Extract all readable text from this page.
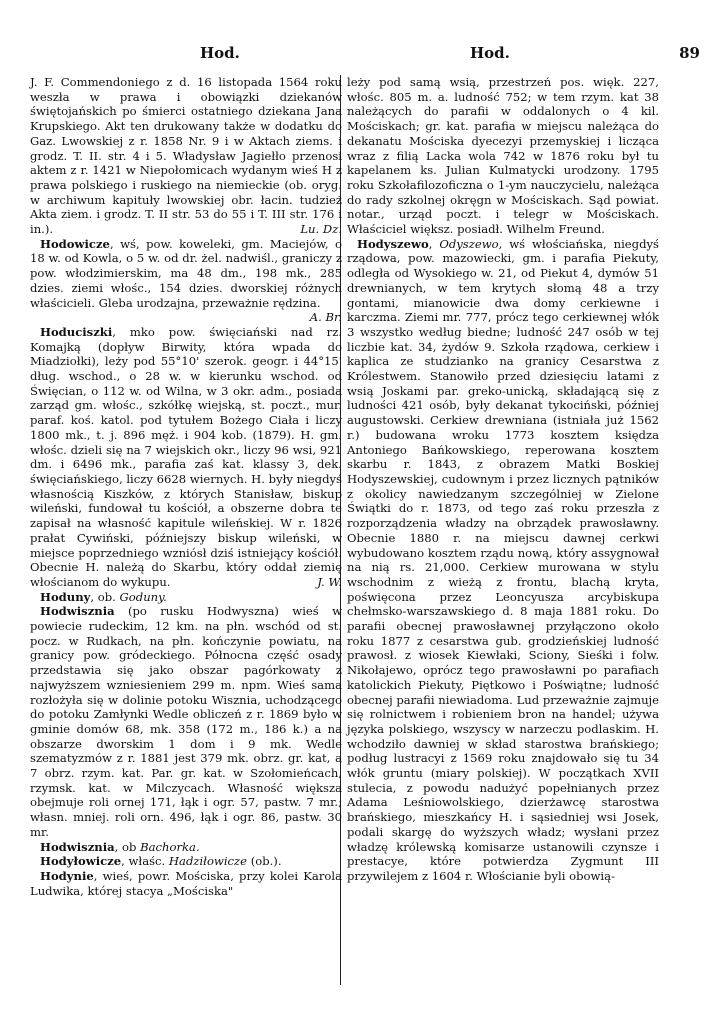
Hod.	Hod.	89

J. F. Commendoniego z d. 16 listopada 1564 roku weszła w prawa i obowiązki dziekanów świętojańskich po śmierci ostatniego dziekana Jana Krupskiego. Akt ten drukowany także w dodatku do Gaz. Lwowskiej z r. 1858 Nr. 9 i w Aktach ziems. i grodz. T. II. str. 4 i 5. Władysław Jagiełło przenosi aktem z r. 1421 w Niepołomicach wydanym wieś H z prawa polskiego i ruskiego na niemieckie (ob. oryg. w archiwum kapituły lwowskiej obr. łacin. tudzież Akta ziem. i grodz. T. II str. 53 do 55 i T. III str. 176 i in.).	Lu. Dz.

Hodowicze, wś, pow. koweleki, gm. Maciejów, o 18 w. od Kowla, o 5 w. od dr. żel. nadwiśl., graniczy z pow. włodzimierskim, ma 48 dm., 198 mk., 285 dzies. ziemi włośc., 154 dzies. dworskiej różnych właścicieli. Gleba urodzajna, przeważnie rędzina.
A. Br.

Hoduciszki, mko pow. święciański nad rz. Komajką (dopływ Birwity, która wpada do Miadziołki), leży pod 55°10' szerok. geogr. i 44°15' dług. wschod., o 28 w. w kierunku wschod. od Święcian, o 112 w. od Wilna, w 3 okr. adm., posiada zarząd gm. włośc., szkółkę wiejską, st. poczt., mur. paraf. koś. katol. pod tytułem Bożego Ciała i liczy 1800 mk., t. j. 896 męż. i 904 kob. (1879). H. gm. włośc. dzieli się na 7 wiejskich okr., liczy 96 wsi, 921 dm. i 6496 mk., parafia zaś kat. klassy 3, dek. święciańskiego, liczy 6628 wiernych. H. były niegdyś własnością Kiszków, z których Stanisław, biskup wileński, fundował tu kościół, a obszerne dobra te zapisał na własność kapitule wileńskiej. W r. 1826 prałat Cywiński, późniejszy biskup wileński, w miejsce poprzedniego wzniósł dziś istniejący kościół. Obecnie H. należą do Skarbu, który oddał ziemię włościanom do wykupu.	J. W.

Hoduny, ob. Goduny.

Hodwisznia (po rusku Hodwyszna) wieś w powiecie rudeckim, 12 km. na płn. wschód od st. pocz. w Rudkach, na płn. kończynie powiatu, na granicy pow. gródeckiego. Północna część osady przedstawia się jako obszar pagórkowaty z najwyższem wzniesieniem 299 m. npm. Wieś sama rozłożyła się w dolinie potoku Wisznia, uchodzącego do potoku Zamłynki Wedle obliczeń z r. 1869 było w gminie domów 68, mk. 358 (172 m., 186 k.) a na obszarze dworskim 1 dom i 9 mk. Wedle szematyzmów z r. 1881 jest 379 mk. obrz. gr. kat, a 7 obrz. rzym. kat. Par. gr. kat. w Szołomieńcach, rzymsk. kat. w Milczycach. Własność większa obejmuje roli ornej 171, łąk i ogr. 57, pastw. 7 mr.; własn. mniej. roli orn. 496, łąk i ogr. 86, pastw. 30 mr.

Hodwisznia, ob Bachorka.

Hodyłowicze, właśc. Hadziłowicze (ob.).

Hodynie, wieś, powr. Mościska, przy kolei Karola Ludwika, której stacya „Mościska"

leży pod samą wsią, przestrzeń pos. więk. 227, włośc. 805 m. a. ludność 752; w tem rzym. kat 38 należących do parafii w oddalonych o 4 kil. Mościskach; gr. kat. parafia w miejscu należąca do dekanatu Mościska dyecezyi przemyskiej i licząca wraz z filią Lacka wola 742 w 1876 roku był tu kapelanem ks. Julian Kulmatycki urodzony. 1795 roku Szkołafilozoficzna o 1-ym nauczycielu, należąca do rady szkolnej okręgn w Mościskach. Sąd powiat. notar., urząd poczt. i telegr w Mościskach. Właściciel większ. posiadł. Wilhelm Freund.

Hodyszewo, Odyszewo, wś włościańska, niegdyś rządowa, pow. mazowiecki, gm. i parafia Piekuty, odległa od Wysokiego w. 21, od Piekut 4, dymów 51 drewnianych, w tem krytych słomą 48 a trzy gontami, mianowicie dwa domy cerkiewne i karczma. Ziemi mr. 777, prócz tego cerkiewnej włók 3 wszystko według biedne; ludność 247 osób w tej liczbie kat. 34, żydów 9. Szkoła rządowa, cerkiew i kaplica ze studzianko na granicy Cesarstwa z Królestwem. Stanowiło przed dziesięciu latami z wsią Joskami par. greko-unicką, składającą się z ludności 421 osób, były dekanat tykociński, później augustowski. Cerkiew drewniana (istniała już 1562 r.) budowana wroku 1773 kosztem księdza Antoniego Bańkowskiego, reperowana kosztem skarbu r. 1843, z obrazem Matki Boskiej Hodyszewskiej, cudownym i przez licznych pątników z okolicy nawiedzanym szczególniej w Zielone Świątki do r. 1873, od tego zaś roku przeszła z rozporządzenia władzy na obrządek prawosławny. Obecnie 1880 r. na miejscu dawnej cerkwi wybudowano kosztem rządu nową, który assygnował na nią rs. 21,000. Cerkiew murowana w stylu wschodnim z wieżą z frontu, blachą kryta, poświęcona przez Leoncyusza arcybiskupa chełmsko-warszawskiego d. 8 maja 1881 roku. Do parafii obecnej prawosławnej przyłączono około roku 1877 z cesarstwa gub. grodzieńskiej ludność prawosł. z wiosek Kiewłaki, Sciony, Sieśki i folw. Nikołajewo, oprócz tego prawosławni po parafiach katolickich Piekuty, Piętkowo i Poświątne; ludność obecnej parafii niewiadoma. Lud przeważnie zajmuje się rolnictwem i robieniem bron na handel; używa języka polskiego, wszyscy w narzeczu podlaskim. H. wchodziło dawniej w skład starostwa brańskiego; podług lustracyi z 1569 roku znajdowało się tu 34 włók gruntu (miary polskiej). W początkach XVII stulecia, z powodu nadużyć popełnianych przez Adama Leśniowolskiego, dzierżawcę starostwa brańskiego, mieszkańcy H. i sąsiedniej wsi Josek, podali skargę do wyższych władz; wysłani przez władzę królewską komisarze ustanowili czynsze i prestacye, które potwierdza Zygmunt III przywilejem z 1604 r. Włościanie byli obowią-
